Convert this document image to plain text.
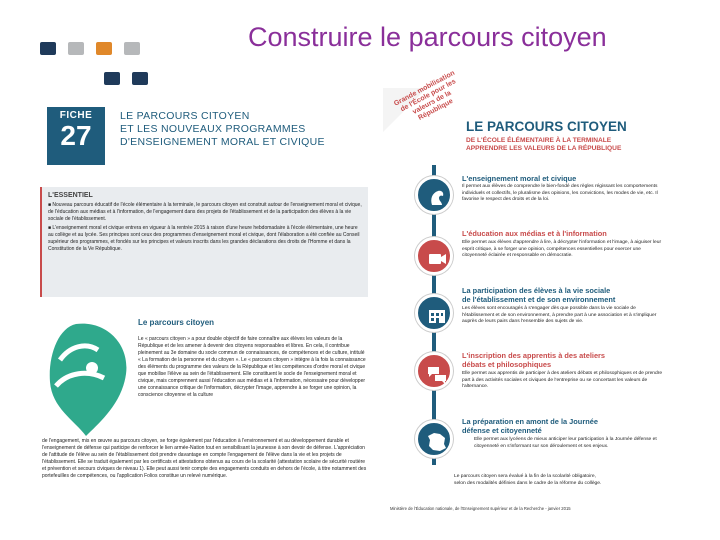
Construire le parcours citoyen
FICHE
27
LE PARCOURS CITOYEN
ET LES NOUVEAUX PROGRAMMES
D'ENSEIGNEMENT MORAL ET CIVIQUE
L'ESSENTIEL
■ Nouveau parcours éducatif de l'école élémentaire à la terminale, le parcours citoyen est construit autour de l'enseignement moral et civique, de l'éducation aux médias et à l'information, de l'engagement dans des projets de l'établissement et de la participation des élèves à la vie sociale de l'établissement.
■ L'enseignement moral et civique entrera en vigueur à la rentrée 2015 à raison d'une heure hebdomadaire à l'école élémentaire, une heure au collège et au lycée. Ses principes sont ceux des programmes d'enseignement moral et civique, dont l'élaboration a été confiée au Conseil supérieur des programmes, et fondés sur les principes et valeurs inscrits dans les grandes déclarations des droits de l'Homme et dans la Constitution de la Ve République.
Le parcours citoyen
Le « parcours citoyen » a pour double objectif de faire connaître aux élèves les valeurs de la République et de les amener à devenir des citoyens responsables et libres. En cela, il contribue pleinement au 3e domaine du socle commun de connaissances, de compétences et de culture, intitulé « La formation de la personne et du citoyen ». Le « parcours citoyen » intègre à la fois la connaissance des éléments du programme des valeurs de la République et les compétences d'ordre moral et civique que mobilise l'élève au sein de l'établissement. Elle constituent le socle de l'enseignement moral et civique, mais comprennent aussi l'éducation aux médias et à l'information, nécessaire pour développer une connaissance critique de l'information, décrypter l'image, apprendre à se forger une opinion, la conscience citoyenne et la culture
de l'engagement, mis en œuvre au parcours citoyen, se forge également par l'éducation à l'environnement et au développement durable et l'enseignement de défense qui participe de renforcer le lien armée-Nation tout en sensibilisant la jeunesse à son devoir de défense. L'appréciation de l'attitude de l'élève au sein de l'établissement doit prendre davantage en compte l'engagement de l'élève dans la vie et les projets de l'établissement. Elle se traduit également par les certificats et attestations obtenus au cours de la scolarité (attestation scolaire de sécurité routière et prévention et secours civiques de niveau 1). Elle peut aussi tenir compte des engagements conduits en dehors de l'école, à titre notamment des portefeuilles de compétences, ou l'application Folios constitue un relevé numérique.
Grande mobilisation de l'École pour les valeurs de la République
LE PARCOURS CITOYEN
DE L'ÉCOLE ÉLÉMENTAIRE À LA TERMINALE
APPRENDRE LES VALEURS DE LA RÉPUBLIQUE
L'enseignement moral et civique
Il permet aux élèves de comprendre le bien-fondé des règles régissant les comportements individuels et collectifs, le pluralisme des opinions, les convictions, les modes de vie, etc. Il favorise le respect des droits et de la loi.
L'éducation aux médias et à l'information
Elle permet aux élèves d'apprendre à lire, à décrypter l'information et l'image, à aiguiser leur esprit critique, à se forger une opinion, compétences essentielles pour exercer une citoyenneté éclairée et responsable en démocratie.
La participation des élèves à la vie sociale
de l'établissement et de son environnement
Les élèves sont encouragés à s'engager dès que possible dans la vie sociale de l'établissement et de son environnement, à prendre part à une association et à s'impliquer auprès de leurs pairs dans l'ensemble des sujets de vie.
L'inscription des apprentis à des ateliers
débats et philosophiques
Elle permet aux apprentis de participer à des ateliers débats et philosophiques et de prendre part à des activités sociales et civiques de l'entreprise ou se concertant les valeurs de l'alternance.
La préparation en amont de la Journée
défense et citoyenneté
Elle permet aux lycéens de mieux anticiper leur participation à la Journée défense et citoyenneté en s'informant sur son déroulement et ses enjeux.
Le parcours citoyen sera évalué à la fin de la scolarité obligatoire, selon des modalités définies dans le cadre de la réforme du collège.
Ministère de l'Éducation nationale, de l'Enseignement supérieur et de la Recherche - janvier 2015
